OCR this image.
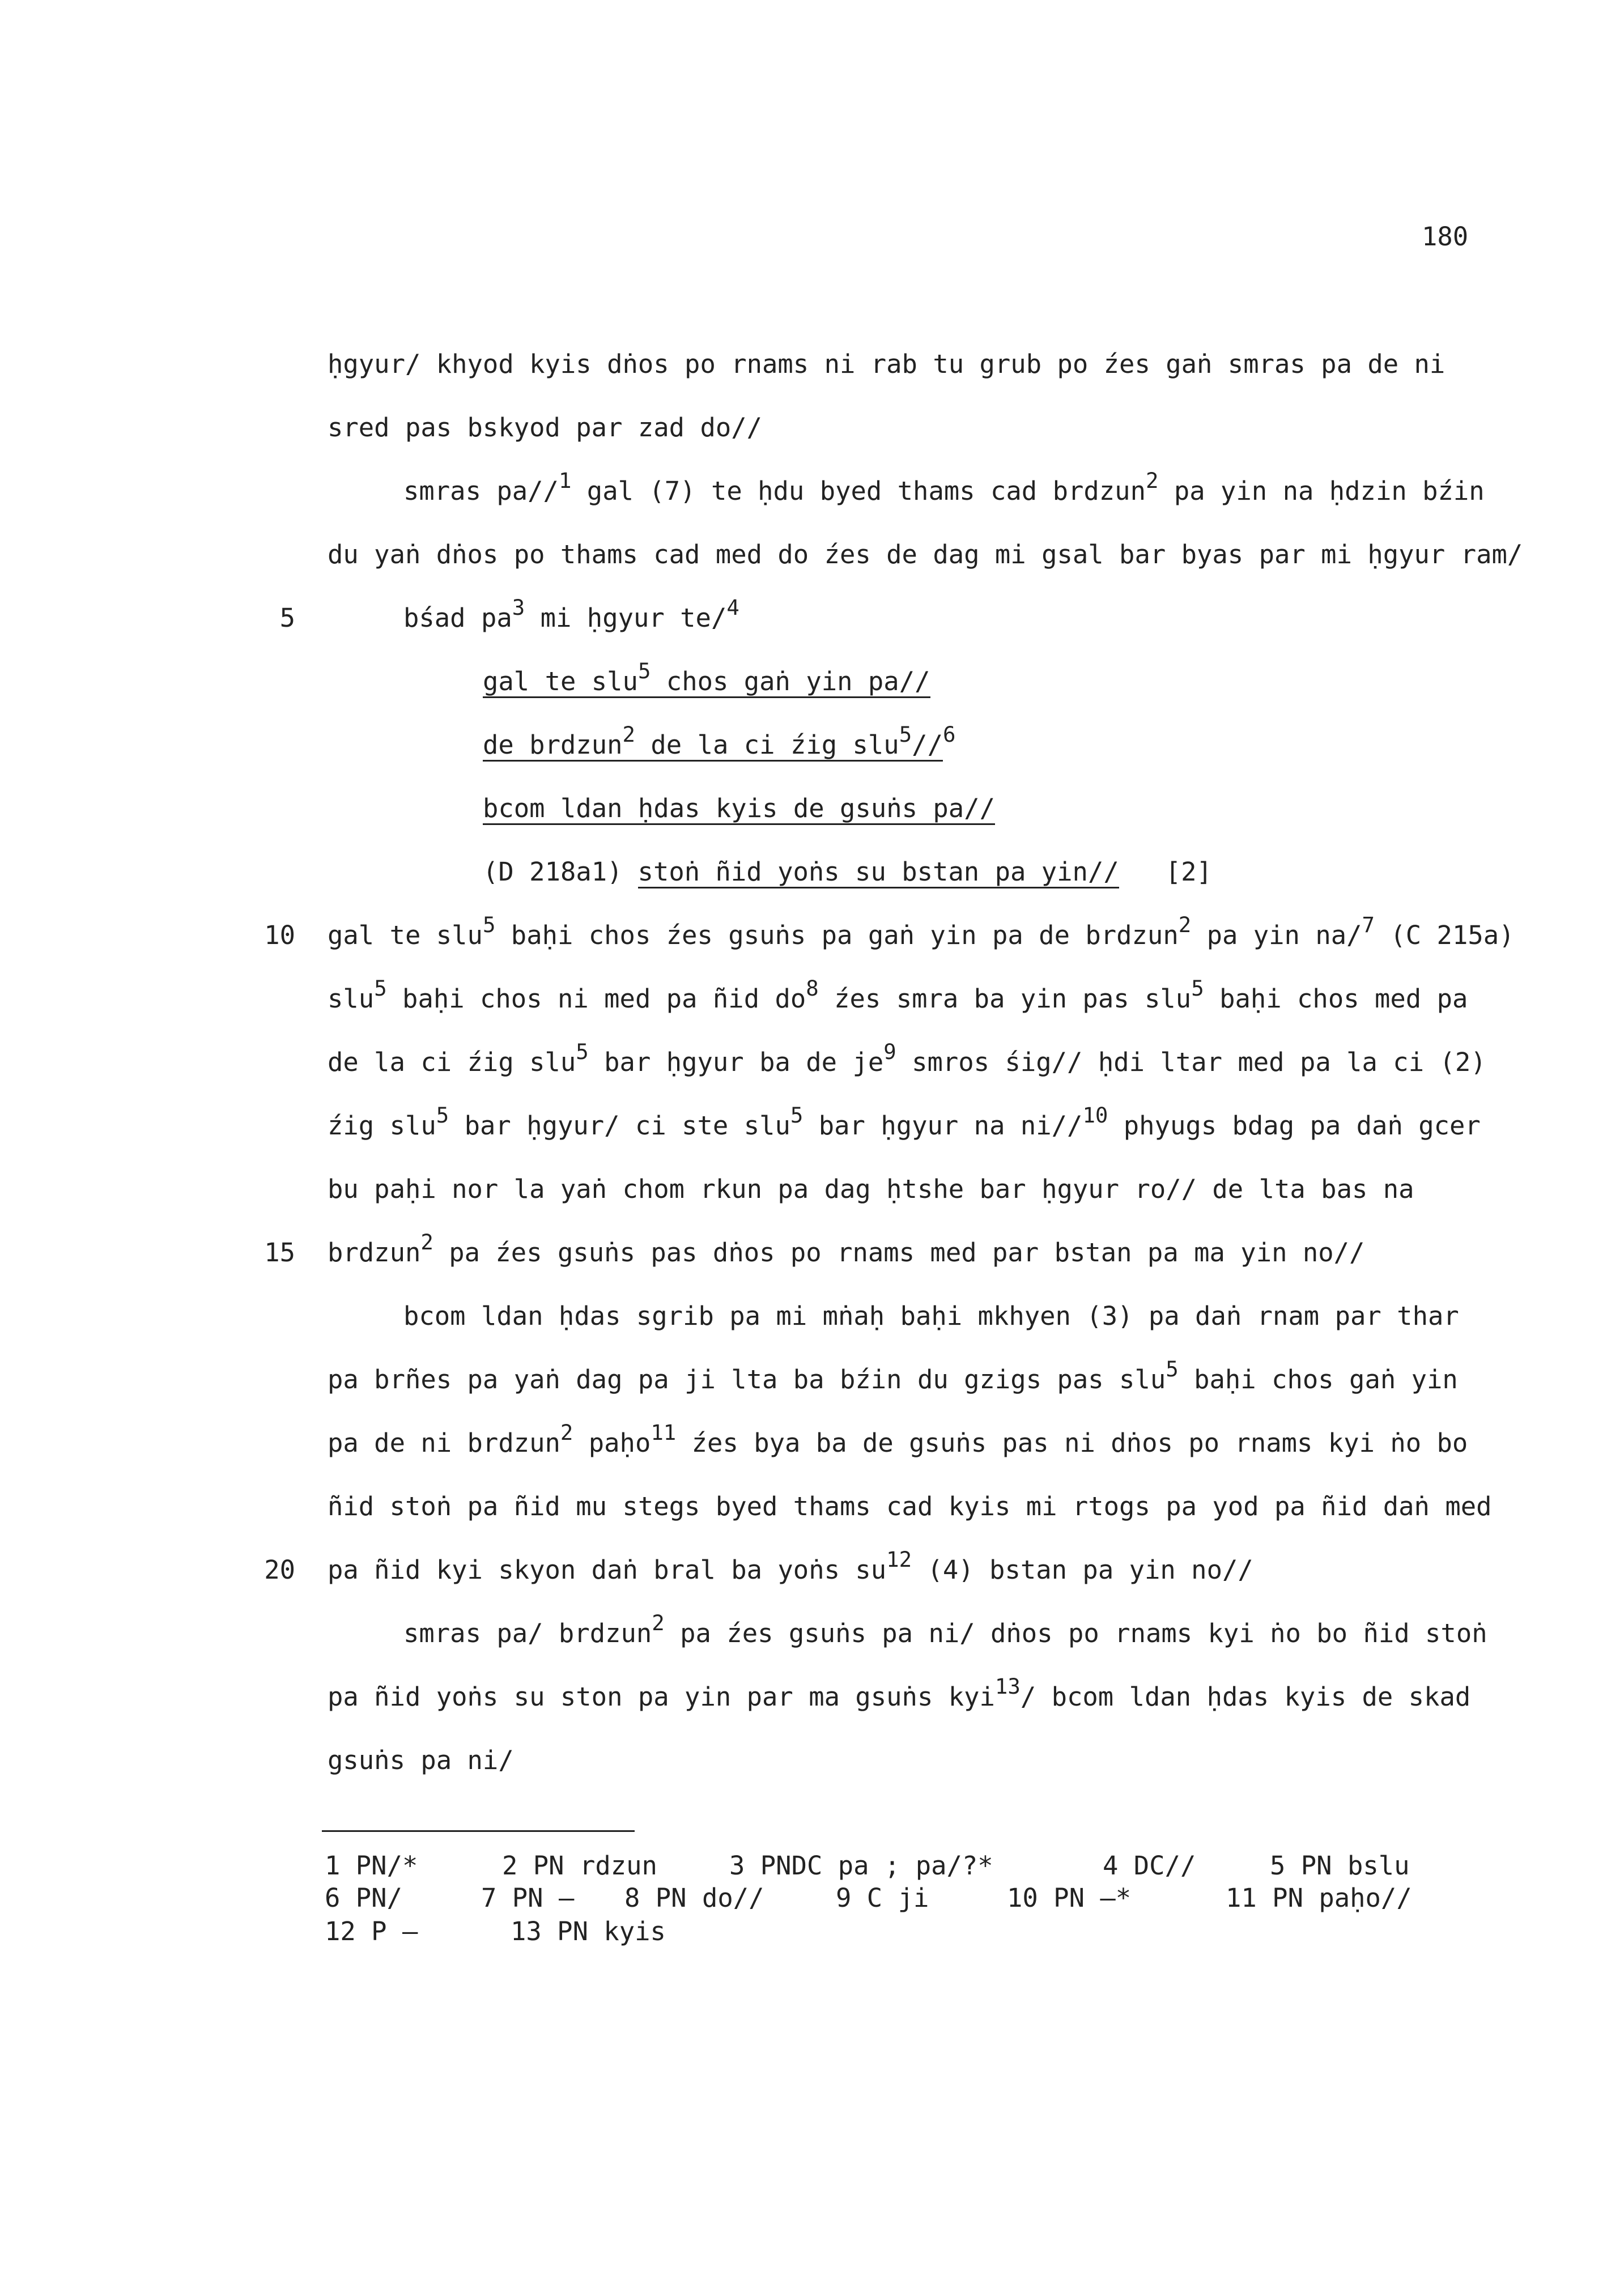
180
ḥgyur/ khyod kyis dṅos po rnams ni rab tu grub po źes gaṅ smras pa de ni
sred pas bskyod par zad do//
smras pa//$^1$ gal (7) te ḥdu byed thams cad brdzun$^2$ pa yin na ḥdzin bźin
du yaṅ dṅos po thams cad med do źes de dag mi gsal bar byas par mi ḥgyur ram/
5	bśad $pa^3$ mi ḥgyur te/$^4$
gal te slu$^5$ chos gaṅ yin pa//
de brdzun$^2$ de la ci źig slu$^5$//$^6$
bcom ldan ḥdas kyis de gsuṅs pa//
(D 218a1) stoṅ ñid yoṅs su bstan pa yin// [2]
10 gal te slu$^5$ baḥi chos źes gsuṅs pa gaṅ yin pa de brdzun$^2$ pa yin na/$^7$ (C 215a)
slu$^5$ baḥi chos ni med pa ñid $do^8$ źes smra ba yin pas slu$^5$ baḥi chos med pa
de la ci źig slu$^5$ bar ḥgyur ba de $je^9$ smros śig// ḥdi ltar med pa la ci (2)
źig slu$^5$ bar ḥgyur/ ci ste slu$^5$ bar ḥgyur na ni//$^{10}$ phyugs bdag pa daṅ gcer
bu paḥi nor la yaṅ chom rkun pa dag ḥtshe bar ḥgyur ro// de lta bas na
15 brdzun$^2$ pa źes gsuṅs pas dṅos po rnams med par bstan pa ma yin no//
bcom ldan ḥdas sgrib pa mi mṅaḥ baḥi mkhyen (3) pa daṅ rnam par thar
pa brñes pa yaṅ dag pa ji lta ba bźin du gzigs pas slu$^5$ baḥi chos gaṅ yin
pa de ni brdzun$^2$ paḥo$^{11}$ źes bya ba de gsuṅs pas ni dṅos po rnams kyi ṅo bo
ñid stoṅ pa ñid mu stegs byed thams cad kyis mi rtogs pa yod pa ñid daṅ med
20 pa ñid kyi skyon daṅ bral ba yoṅs $su^{12}$ (4) bstan pa yin no//
smras pa/ brdzun$^2$ pa źes gsuṅs pa ni/ dṅos po rnams kyi ṅo bo ñid stoṅ
pa ñid yoṅs su ston pa yin par ma gsuṅs kyi$^{13}$/ bcom ldan ḥdas kyis de skad
gsuṅs pa ni/

1 PN/*

	2 PN rdzun

	3 PNDC pa ; pa/?*

	4 DC//

	5 PN bslu

6 PN/

	7 PN —

8 PN do//

	9 C ji

	10 PN —*

	11 PN paḥo//

12 P —

	13 PN kyis
